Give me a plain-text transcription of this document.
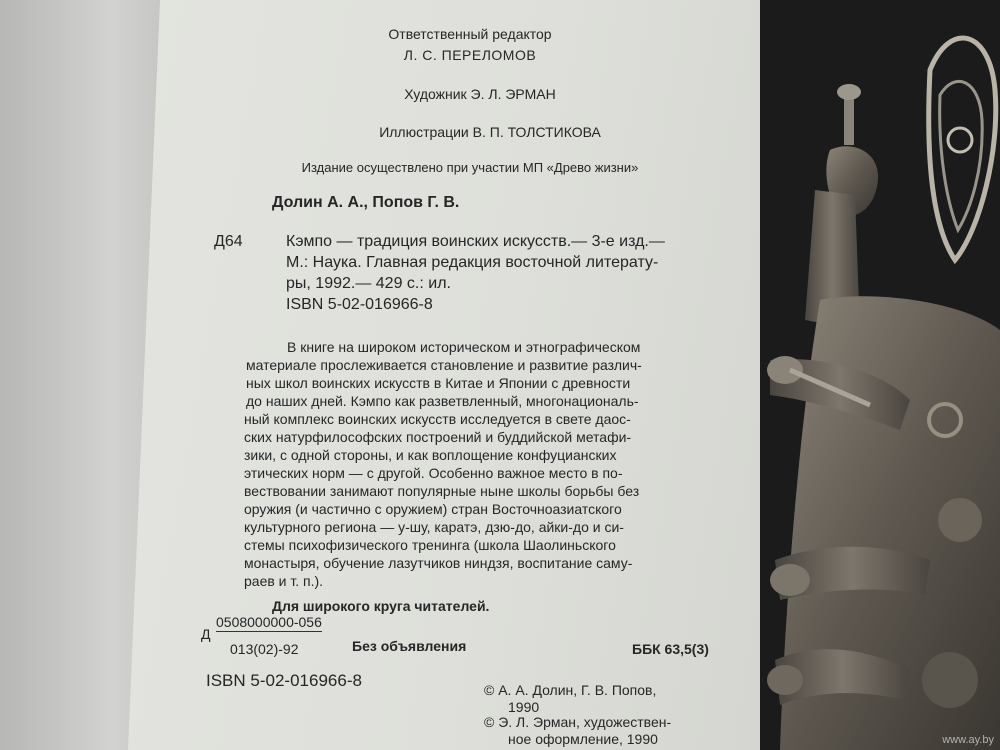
Ответственный редактор
Л. С. ПЕРЕЛОМОВ
Художник Э. Л. ЭРМАН
Иллюстрации В. П. ТОЛСТИКОВА
Издание осуществлено при участии МП «Древо жизни»
Долин А. А., Попов Г. В.
Д64	Кэмпо — традиция воинских искусств.— 3-е изд.—
М.: Наука. Главная редакция восточной литерату-
ры, 1992.— 429 с.: ил.
ISBN 5-02-016966-8
В книге на широком историческом и этнографическом
материале прослеживается становление и развитие различ-
ных школ воинских искусств в Китае и Японии с древности
до наших дней. Кэмпо как разветвленный, многонациональ-
ный комплекс воинских искусств исследуется в свете даос-
ских натурфилософских построений и буддийской метафи-
зики, с одной стороны, и как воплощение конфуцианских
этических норм — с другой. Особенно важное место в по-
вествовании занимают популярные ныне школы борьбы без
оружия (и частично с оружием) стран Восточноазиатского
культурного региона — у-шу, каратэ, дзю-до, айки-до и си-
стемы психофизического тренинга (школа Шаолиньского
монастыря, обучение лазутчиков ниндзя, воспитание саму-
раев и т. п.).
Для широкого круга читателей.
Д
0508000000-056
013(02)-92	Без объявления	ББК 63,5(3)
ISBN 5-02-016966-8	© А. А. Долин, Г. В. Попов,
1990
© Э. Л. Эрман, художествен-
ное оформление, 1990	www.ay.by
